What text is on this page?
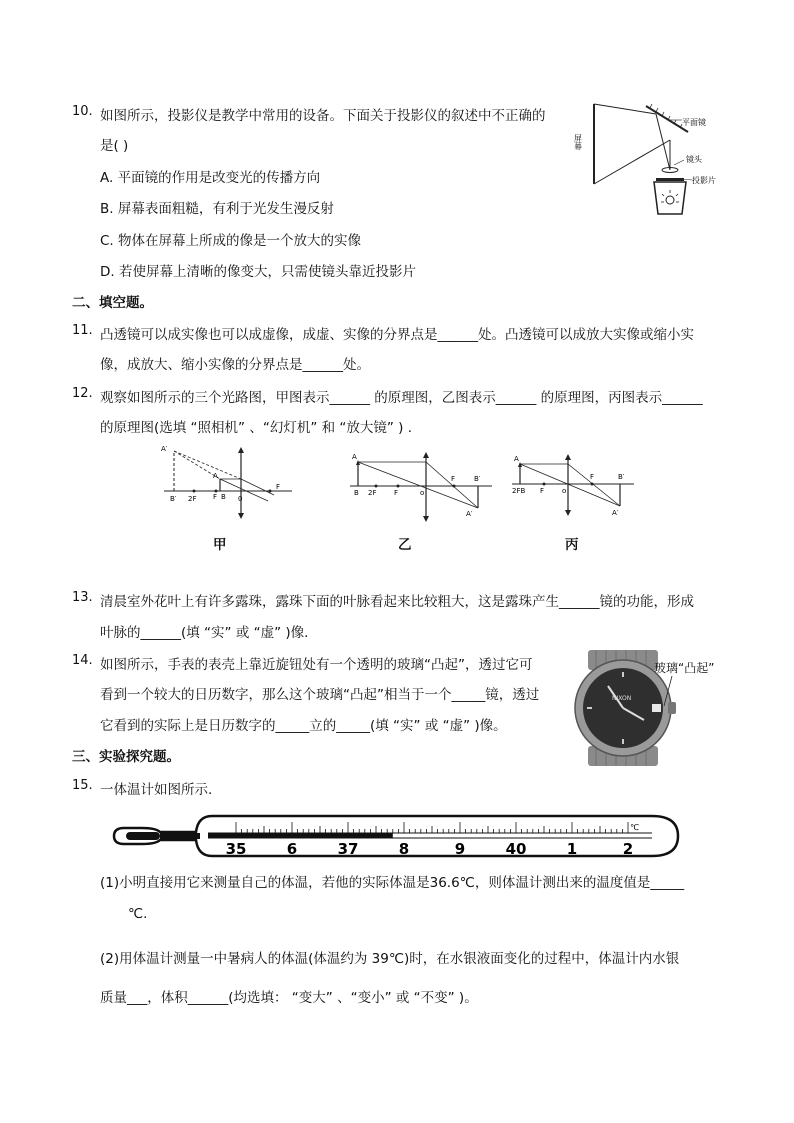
10. 如图所示，投影仪是教学中常用的设备。下面关于投影仪的叙述中不正确的
是( )
A. 平面镜的作用是改变光的传播方向
B. 屏幕表面粗糙，有利于光发生漫反射
C. 物体在屏幕上所成的像是一个放大的实像
D. 若使屏幕上清晰的像变大，只需使镜头靠近投影片
屏幕
平面镜
镜头
投影片
二、填空题。
11. 凸透镜可以成实像也可以成虚像，成虚、实像的分界点是______处。凸透镜可以成放大实像或缩小实
像，成放大、缩小实像的分界点是______处。
12. 观察如图所示的三个光路图，甲图表示______ 的原理图，乙图表示______ 的原理图，丙图表示______
的原理图(选填 “照相机” 、“幻灯机” 和 “放大镜” ) .
A′
A
B′ 2F F B 0
F
A
B 2F	F	o
F	B′
A′
A
2FB F	o
F	B′
A′
甲	乙	丙
13. 清晨室外花叶上有许多露珠，露珠下面的叶脉看起来比较粗大，这是露珠产生______镜的功能，形成
叶脉的______(填 “实” 或 “虚” )像.
14. 如图所示，手表的表壳上靠近旋钮处有一个透明的玻璃“凸起”，透过它可
看到一个较大的日历数字，那么这个玻璃“凸起”相当于一个_____镜，透过
它看到的实际上是日历数字的_____立的_____(填 “实” 或 “虚” )像。
NIXON
玻璃“凸起”
三、实验探究题。
15. 一体温计如图所示.
35	6	37	8	9	40	1	2
℃
(1)小明直接用它来测量自己的体温，若他的实际体温是36.6℃，则体温计测出来的温度值是_____
℃.
(2)用体温计测量一中暑病人的体温(体温约为 39℃)时，在水银液面变化的过程中，体温计内水银
质量___，体积______(均选填： “变大” 、“变小” 或 “不变” )。
